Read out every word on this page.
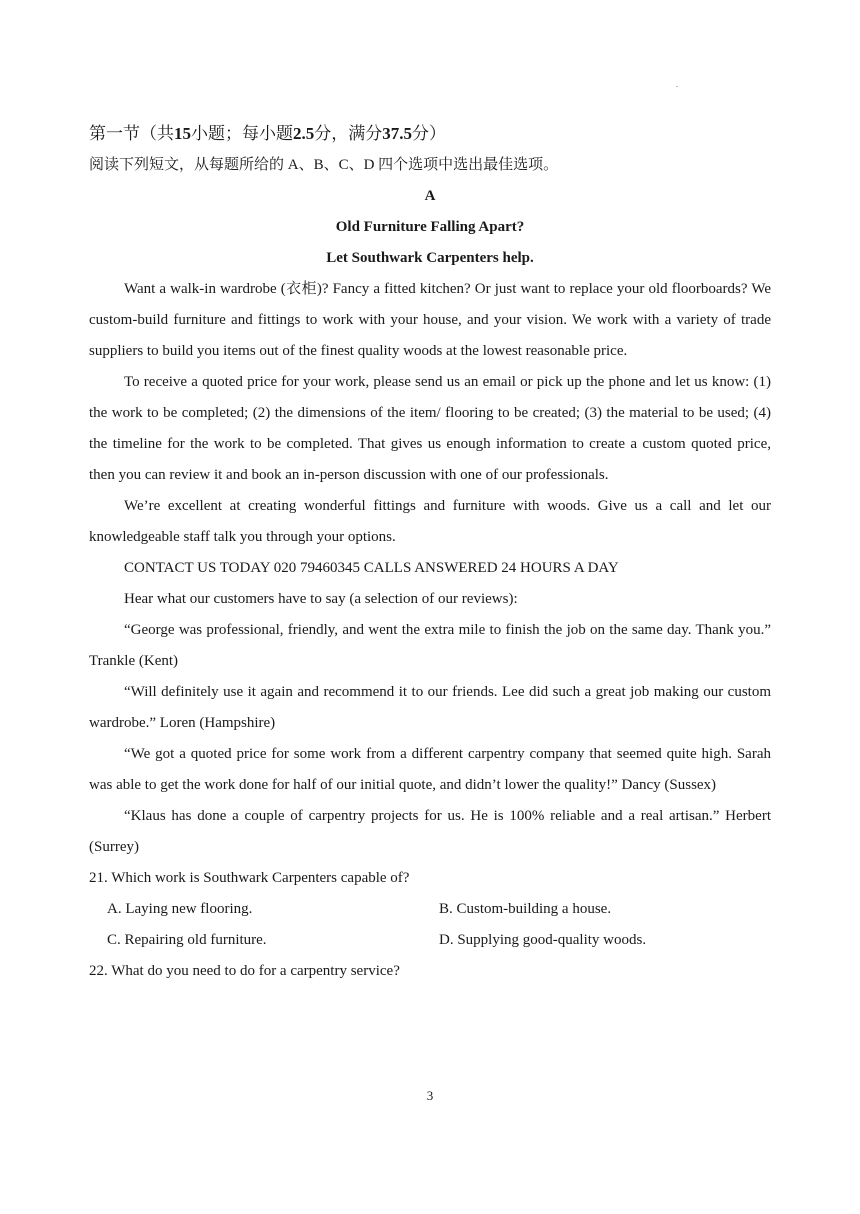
第一节（共15小题；每小题2.5分，满分37.5分）
阅读下列短文，从每题所给的 A、B、C、D 四个选项中选出最佳选项。
A
Old Furniture Falling Apart?
Let Southwark Carpenters help.

Want a walk-in wardrobe (衣柜)? Fancy a fitted kitchen? Or just want to replace your old floorboards? We custom-build furniture and fittings to work with your house, and your vision. We work with a variety of trade suppliers to build you items out of the finest quality woods at the lowest reasonable price.

To receive a quoted price for your work, please send us an email or pick up the phone and let us know: (1) the work to be completed; (2) the dimensions of the item/ flooring to be created; (3) the material to be used; (4) the timeline for the work to be completed. That gives us enough information to create a custom quoted price, then you can review it and book an in-person discussion with one of our professionals.

We’re excellent at creating wonderful fittings and furniture with woods. Give us a call and let our knowledgeable staff talk you through your options.

CONTACT US TODAY 020 79460345 CALLS ANSWERED 24 HOURS A DAY

Hear what our customers have to say (a selection of our reviews):

“George was professional, friendly, and went the extra mile to finish the job on the same day. Thank you.” Trankle (Kent)

“Will definitely use it again and recommend it to our friends. Lee did such a great job making our custom wardrobe.” Loren (Hampshire)

“We got a quoted price for some work from a different carpentry company that seemed quite high. Sarah was able to get the work done for half of our initial quote, and didn’t lower the quality!” Dancy (Sussex)

“Klaus has done a couple of carpentry projects for us. He is 100% reliable and a real artisan.” Herbert (Surrey)

21. Which work is Southwark Carpenters capable of?

A. Laying new flooring.	B. Custom-building a house.
C. Repairing old furniture.	D. Supplying good-quality woods.

22. What do you need to do for a carpentry service?

3
